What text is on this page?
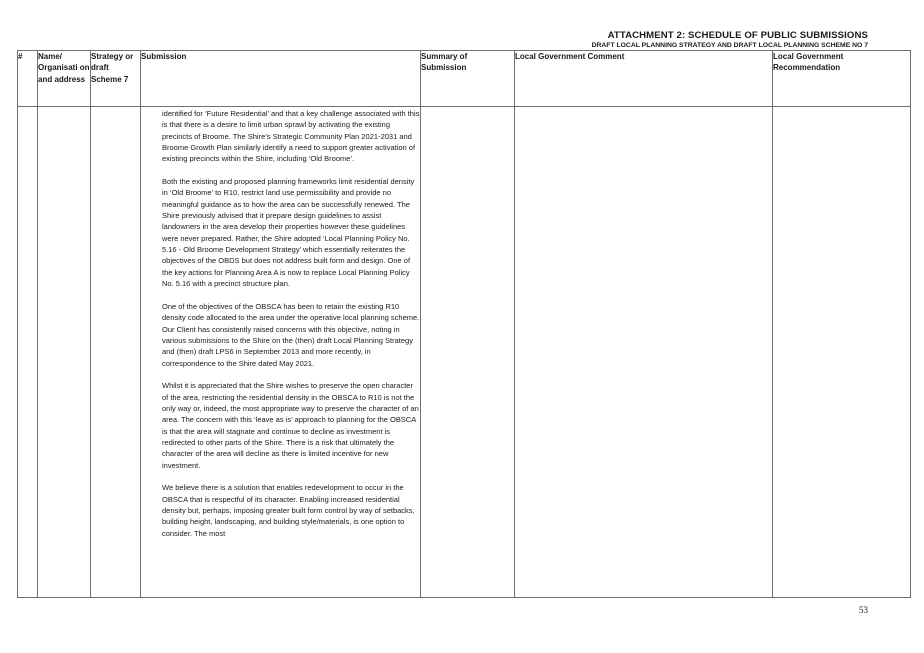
ATTACHMENT 2: SCHEDULE OF PUBLIC SUBMISSIONS
DRAFT LOCAL PLANNING STRATEGY AND DRAFT LOCAL PLANNING SCHEME NO 7
#	Name/ Organisati on and address	Strategy or draft Scheme 7	Submission	Summary of Submission	Local Government Comment	Local Government Recommendation

			identified for ‘Future Residential’ and that a key challenge associated with this is that there is a desire to limit urban sprawl by activating the existing precincts of Broome. The Shire’s Strategic Community Plan 2021-2031 and Broome Growth Plan similarly identify a need to support greater activation of existing precincts within the Shire, including ‘Old Broome’.

Both the existing and proposed planning frameworks limit residential density in ‘Old Broome’ to R10, restrict land use permissibility and provide no meaningful guidance as to how the area can be successfully renewed. The Shire previously advised that it prepare design guidelines to assist landowners in the area develop their properties however these guidelines were never prepared. Rather, the Shire adopted ‘Local Planning Policy No. 5.16 - Old Broome Development Strategy’ which essentially reiterates the objectives of the OBDS but does not address built form and design. One of the key actions for Planning Area A is now to replace Local Planning Policy No. 5.16 with a precinct structure plan.

One of the objectives of the OBSCA has been to retain the existing R10 density code allocated to the area under the operative local planning scheme. Our Client has consistently raised concerns with this objective, noting in various submissions to the Shire on the (then) draft Local Planning Strategy and (then) draft LPS6 in September 2013 and more recently, in correspondence to the Shire dated May 2021.

Whilst it is appreciated that the Shire wishes to preserve the open character of the area, restricting the residential density in the OBSCA to R10 is not the only way or, indeed, the most appropriate way to preserve the character of an area. The concern with this ‘leave as is’ approach to planning for the OBSCA is that the area will stagnate and continue to decline as investment is redirected to other parts of the Shire. There is a risk that ultimately the character of the area will decline as there is limited incentive for new investment.

We believe there is a solution that enables redevelopment to occur in the OBSCA that is respectful of its character. Enabling increased residential density but, perhaps, imposing greater built form control by way of setbacks, building height, landscaping, and building style/materials, is one option to consider. The most			

53
